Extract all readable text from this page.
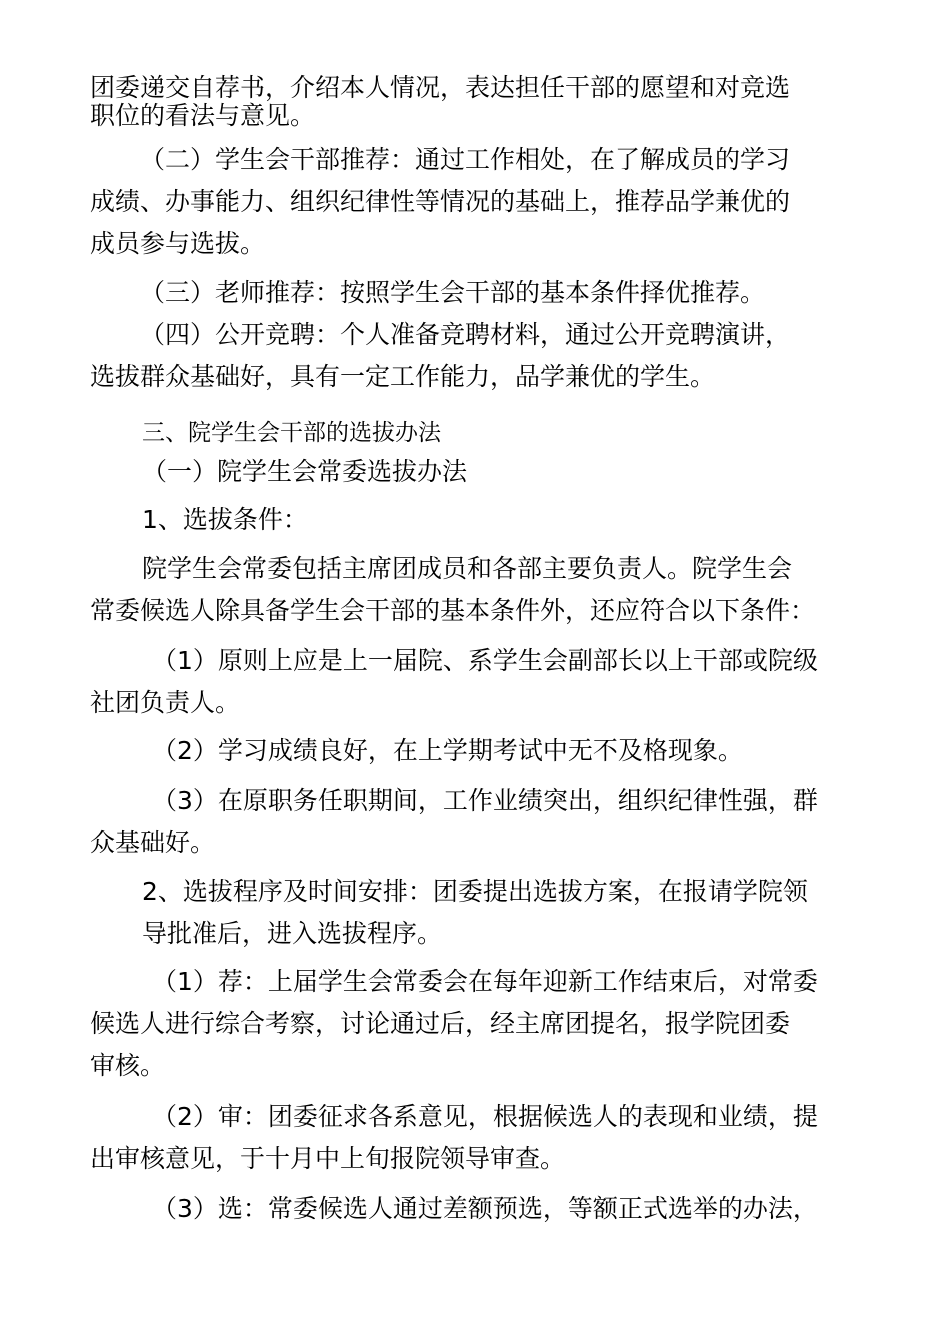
团委递交自荐书，介绍本人情况，表达担任干部的愿望和对竞选
职位的看法与意见。

（二）学生会干部推荐：通过工作相处，在了解成员的学习
成绩、办事能力、组织纪律性等情况的基础上，推荐品学兼优的
成员参与选拔。

（三）老师推荐：按照学生会干部的基本条件择优推荐。

（四）公开竞聘：个人准备竞聘材料，通过公开竞聘演讲，
选拔群众基础好，具有一定工作能力，品学兼优的学生。

三、院学生会干部的选拔办法

（一）院学生会常委选拔办法

1、选拔条件：

院学生会常委包括主席团成员和各部主要负责人。院学生会
常委候选人除具备学生会干部的基本条件外，还应符合以下条件：

（1）原则上应是上一届院、系学生会副部长以上干部或院级
社团负责人。

（2）学习成绩良好，在上学期考试中无不及格现象。

（3）在原职务任职期间，工作业绩突出，组织纪律性强，群
众基础好。

2、选拔程序及时间安排：团委提出选拔方案，在报请学院领
导批准后，进入选拔程序。

（1）荐：上届学生会常委会在每年迎新工作结束后，对常委
候选人进行综合考察，讨论通过后，经主席团提名，报学院团委
审核。

（2）审：团委征求各系意见，根据候选人的表现和业绩，提
出审核意见，于十月中上旬报院领导审查。

（3）选：常委候选人通过差额预选，等额正式选举的办法，
